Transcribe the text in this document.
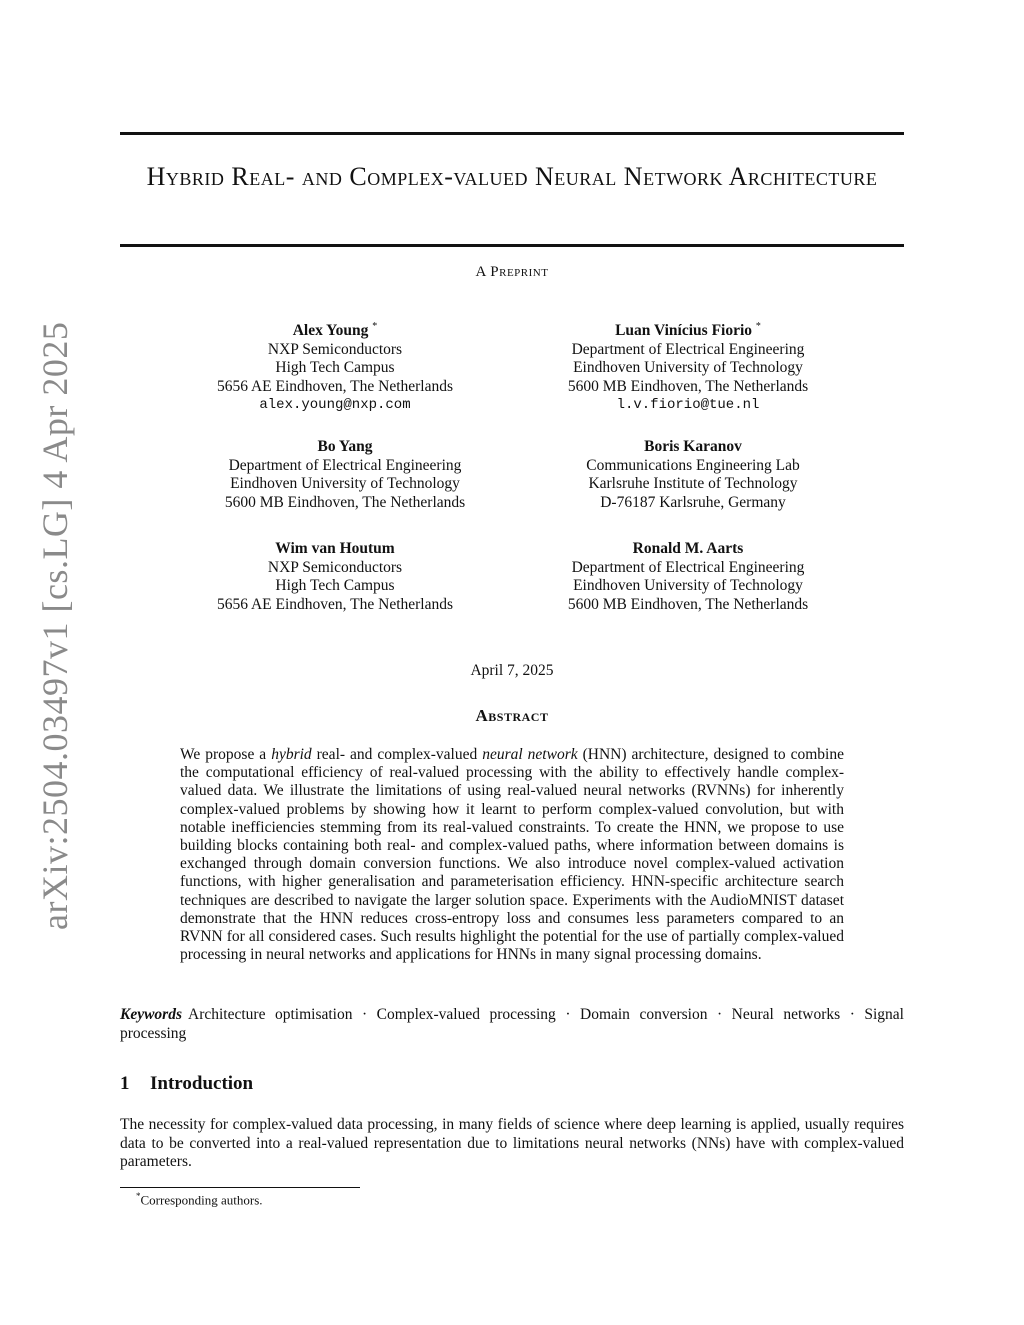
arXiv:2504.03497v1 [cs.LG] 4 Apr 2025
Hybrid Real- and Complex-valued Neural Network Architecture
A Preprint
Alex Young *
NXP Semiconductors
High Tech Campus
5656 AE Eindhoven, The Netherlands
alex.young@nxp.com
Luan Vinícius Fiorio *
Department of Electrical Engineering
Eindhoven University of Technology
5600 MB Eindhoven, The Netherlands
l.v.fiorio@tue.nl
Bo Yang
Department of Electrical Engineering
Eindhoven University of Technology
5600 MB Eindhoven, The Netherlands
Boris Karanov
Communications Engineering Lab
Karlsruhe Institute of Technology
D-76187 Karlsruhe, Germany
Wim van Houtum
NXP Semiconductors
High Tech Campus
5656 AE Eindhoven, The Netherlands
Ronald M. Aarts
Department of Electrical Engineering
Eindhoven University of Technology
5600 MB Eindhoven, The Netherlands
April 7, 2025
Abstract
We propose a hybrid real- and complex-valued neural network (HNN) architecture, designed to combine the computational efficiency of real-valued processing with the ability to effectively handle complex-valued data. We illustrate the limitations of using real-valued neural networks (RVNNs) for inherently complex-valued problems by showing how it learnt to perform complex-valued convolution, but with notable inefficiencies stemming from its real-valued constraints. To create the HNN, we propose to use building blocks containing both real- and complex-valued paths, where information between domains is exchanged through domain conversion functions. We also introduce novel complex-valued activation functions, with higher generalisation and parameterisation efficiency. HNN-specific architecture search techniques are described to navigate the larger solution space. Experiments with the AudioMNIST dataset demonstrate that the HNN reduces cross-entropy loss and consumes less parameters compared to an RVNN for all considered cases. Such results highlight the potential for the use of partially complex-valued processing in neural networks and applications for HNNs in many signal processing domains.
Keywords Architecture optimisation · Complex-valued processing · Domain conversion · Neural networks · Signal processing
1 Introduction
The necessity for complex-valued data processing, in many fields of science where deep learning is applied, usually requires data to be converted into a real-valued representation due to limitations neural networks (NNs) have with complex-valued parameters.
*Corresponding authors.
